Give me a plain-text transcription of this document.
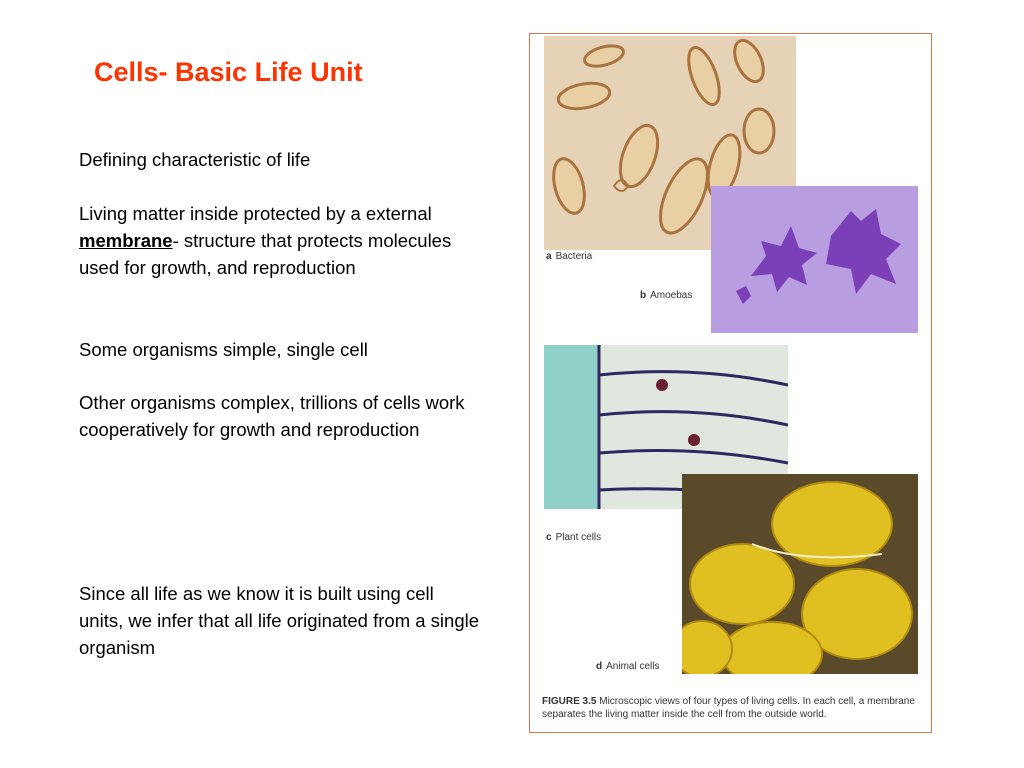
Cells- Basic Life Unit
Defining characteristic of life
Living matter inside protected by a external membrane- structure that protects molecules used for growth, and reproduction
Some organisms simple, single cell
Other organisms complex, trillions of cells work cooperatively for growth and reproduction
Since all life as we know it is built using cell units, we infer that all life originated from a single organism
a Bacteria
b Amoebas
c Plant cells
d Animal cells
FIGURE 3.5 Microscopic views of four types of living cells. In each cell, a membrane separates the living matter inside the cell from the outside world.
